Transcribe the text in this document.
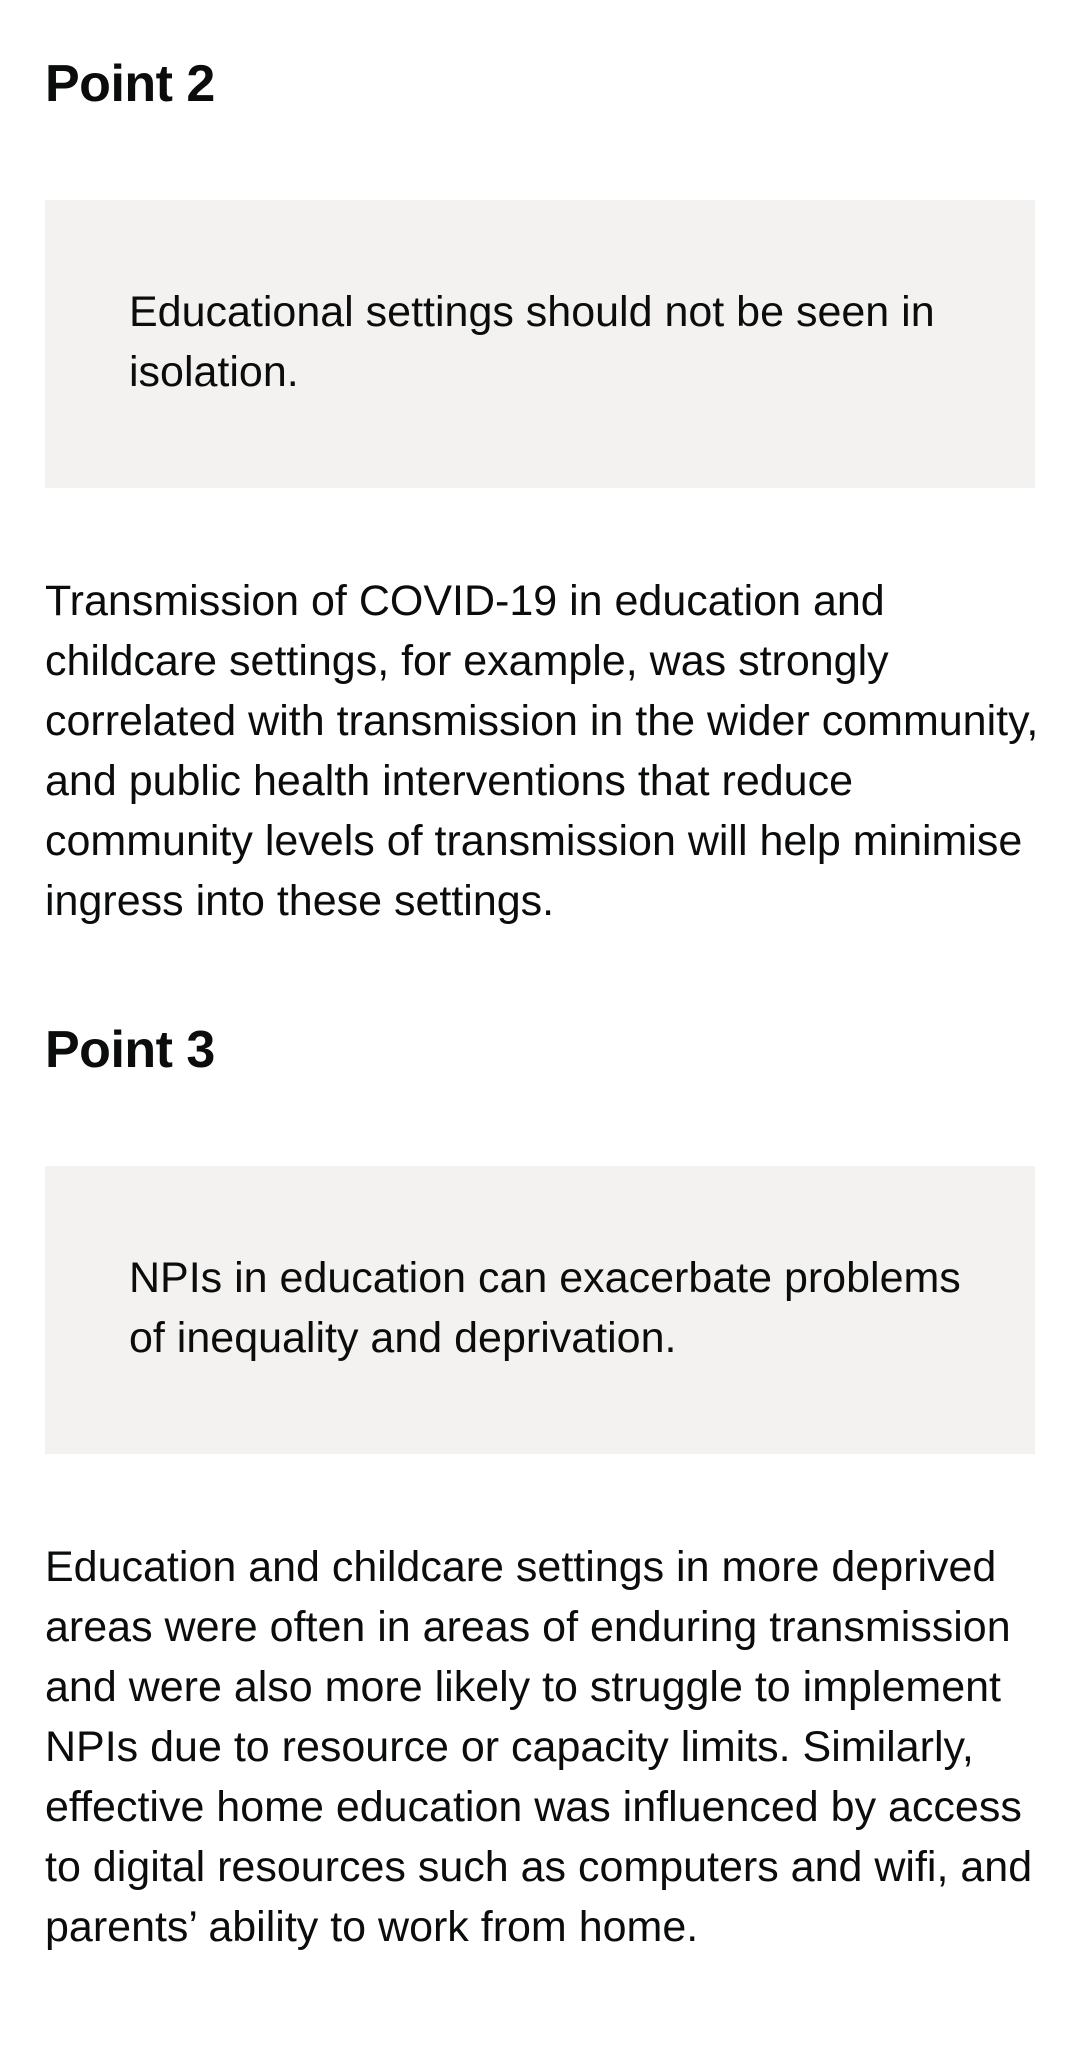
Point 2

Educational settings should not be seen in isolation.

Transmission of COVID-19 in education and childcare settings, for example, was strongly correlated with transmission in the wider community, and public health interventions that reduce community levels of transmission will help minimise ingress into these settings.

Point 3

NPIs in education can exacerbate problems of inequality and deprivation.

Education and childcare settings in more deprived areas were often in areas of enduring transmission and were also more likely to struggle to implement NPIs due to resource or capacity limits. Similarly, effective home education was influenced by access to digital resources such as computers and wifi, and parents’ ability to work from home.
